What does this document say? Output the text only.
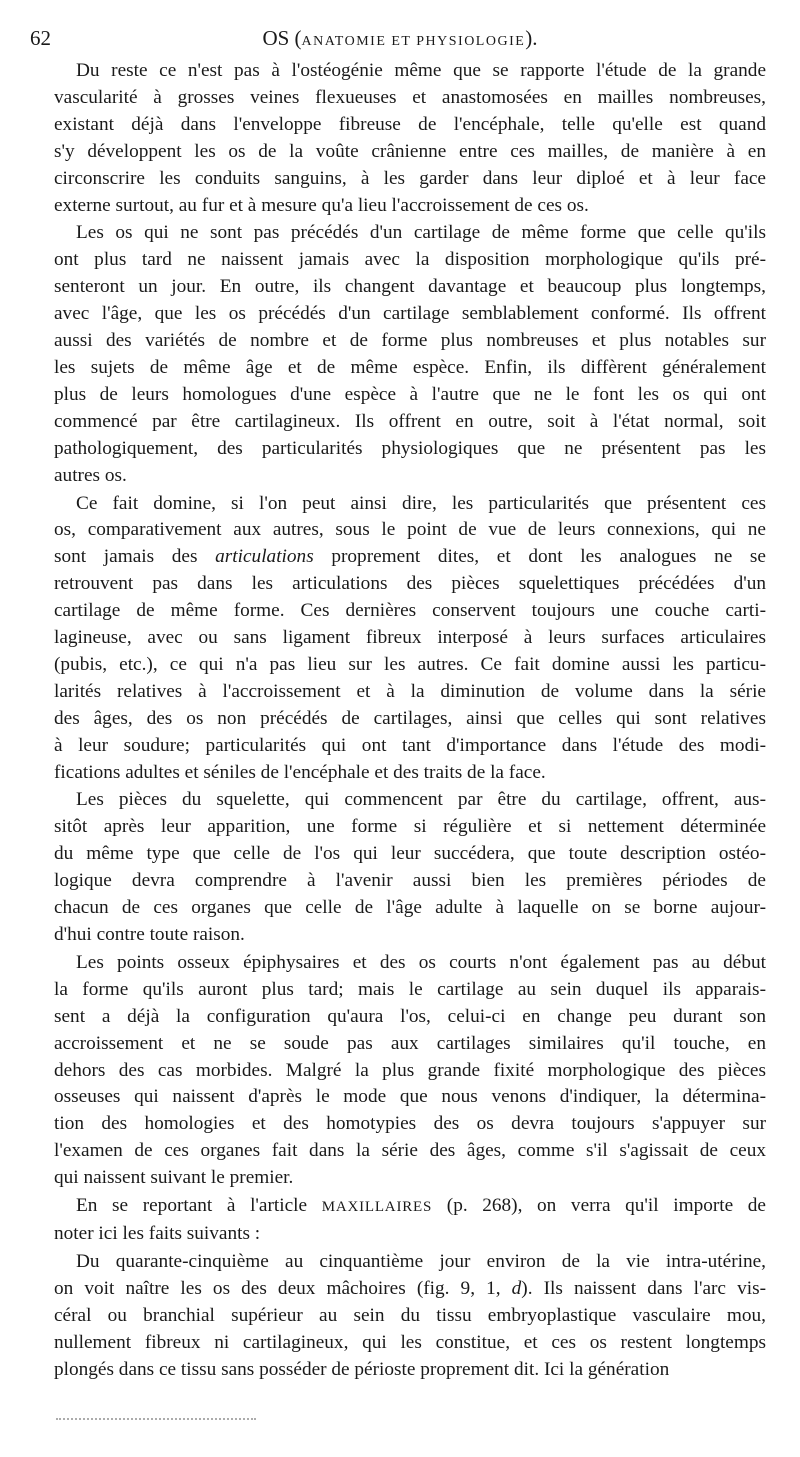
62	OS (ANATOMIE ET PHYSIOLOGIE).
Du reste ce n'est pas à l'ostéogénie même que se rapporte l'étude de la grande
vascularité à grosses veines flexueuses et anastomosées en mailles nombreuses,
existant déjà dans l'enveloppe fibreuse de l'encéphale, telle qu'elle est quand
s'y développent les os de la voûte crânienne entre ces mailles, de manière à en
circonscrire les conduits sanguins, à les garder dans leur diploé et à leur face
externe surtout, au fur et à mesure qu'a lieu l'accroissement de ces os.
Les os qui ne sont pas précédés d'un cartilage de même forme que celle qu'ils
ont plus tard ne naissent jamais avec la disposition morphologique qu'ils pré-
senteront un jour. En outre, ils changent davantage et beaucoup plus longtemps,
avec l'âge, que les os précédés d'un cartilage semblablement conformé. Ils offrent
aussi des variétés de nombre et de forme plus nombreuses et plus notables sur
les sujets de même âge et de même espèce. Enfin, ils diffèrent généralement
plus de leurs homologues d'une espèce à l'autre que ne le font les os qui ont
commencé par être cartilagineux. Ils offrent en outre, soit à l'état normal, soit
pathologiquement, des particularités physiologiques que ne présentent pas les
autres os.
Ce fait domine, si l'on peut ainsi dire, les particularités que présentent ces
os, comparativement aux autres, sous le point de vue de leurs connexions, qui ne
sont jamais des articulations proprement dites, et dont les analogues ne se
retrouvent pas dans les articulations des pièces squelettiques précédées d'un
cartilage de même forme. Ces dernières conservent toujours une couche carti-
lagineuse, avec ou sans ligament fibreux interposé à leurs surfaces articulaires
(pubis, etc.), ce qui n'a pas lieu sur les autres. Ce fait domine aussi les particu-
larités relatives à l'accroissement et à la diminution de volume dans la série
des âges, des os non précédés de cartilages, ainsi que celles qui sont relatives
à leur soudure; particularités qui ont tant d'importance dans l'étude des modi-
fications adultes et séniles de l'encéphale et des traits de la face.
Les pièces du squelette, qui commencent par être du cartilage, offrent, aus-
sitôt après leur apparition, une forme si régulière et si nettement déterminée
du même type que celle de l'os qui leur succédera, que toute description ostéo-
logique devra comprendre à l'avenir aussi bien les premières périodes de
chacun de ces organes que celle de l'âge adulte à laquelle on se borne aujour-
d'hui contre toute raison.
Les points osseux épiphysaires et des os courts n'ont également pas au début
la forme qu'ils auront plus tard; mais le cartilage au sein duquel ils apparais-
sent a déjà la configuration qu'aura l'os, celui-ci en change peu durant son
accroissement et ne se soude pas aux cartilages similaires qu'il touche, en
dehors des cas morbides. Malgré la plus grande fixité morphologique des pièces
osseuses qui naissent d'après le mode que nous venons d'indiquer, la détermina-
tion des homologies et des homotypies des os devra toujours s'appuyer sur
l'examen de ces organes fait dans la série des âges, comme s'il s'agissait de ceux
qui naissent suivant le premier.
En se reportant à l'article MAXILLAIRES (p. 268), on verra qu'il importe de
noter ici les faits suivants :
Du quarante-cinquième au cinquantième jour environ de la vie intra-utérine,
on voit naître les os des deux mâchoires (fig. 9, 1, d). Ils naissent dans l'arc vis-
céral ou branchial supérieur au sein du tissu embryoplastique vasculaire mou,
nullement fibreux ni cartilagineux, qui les constitue, et ces os restent longtemps
plongés dans ce tissu sans posséder de périoste proprement dit. Ici la génération
